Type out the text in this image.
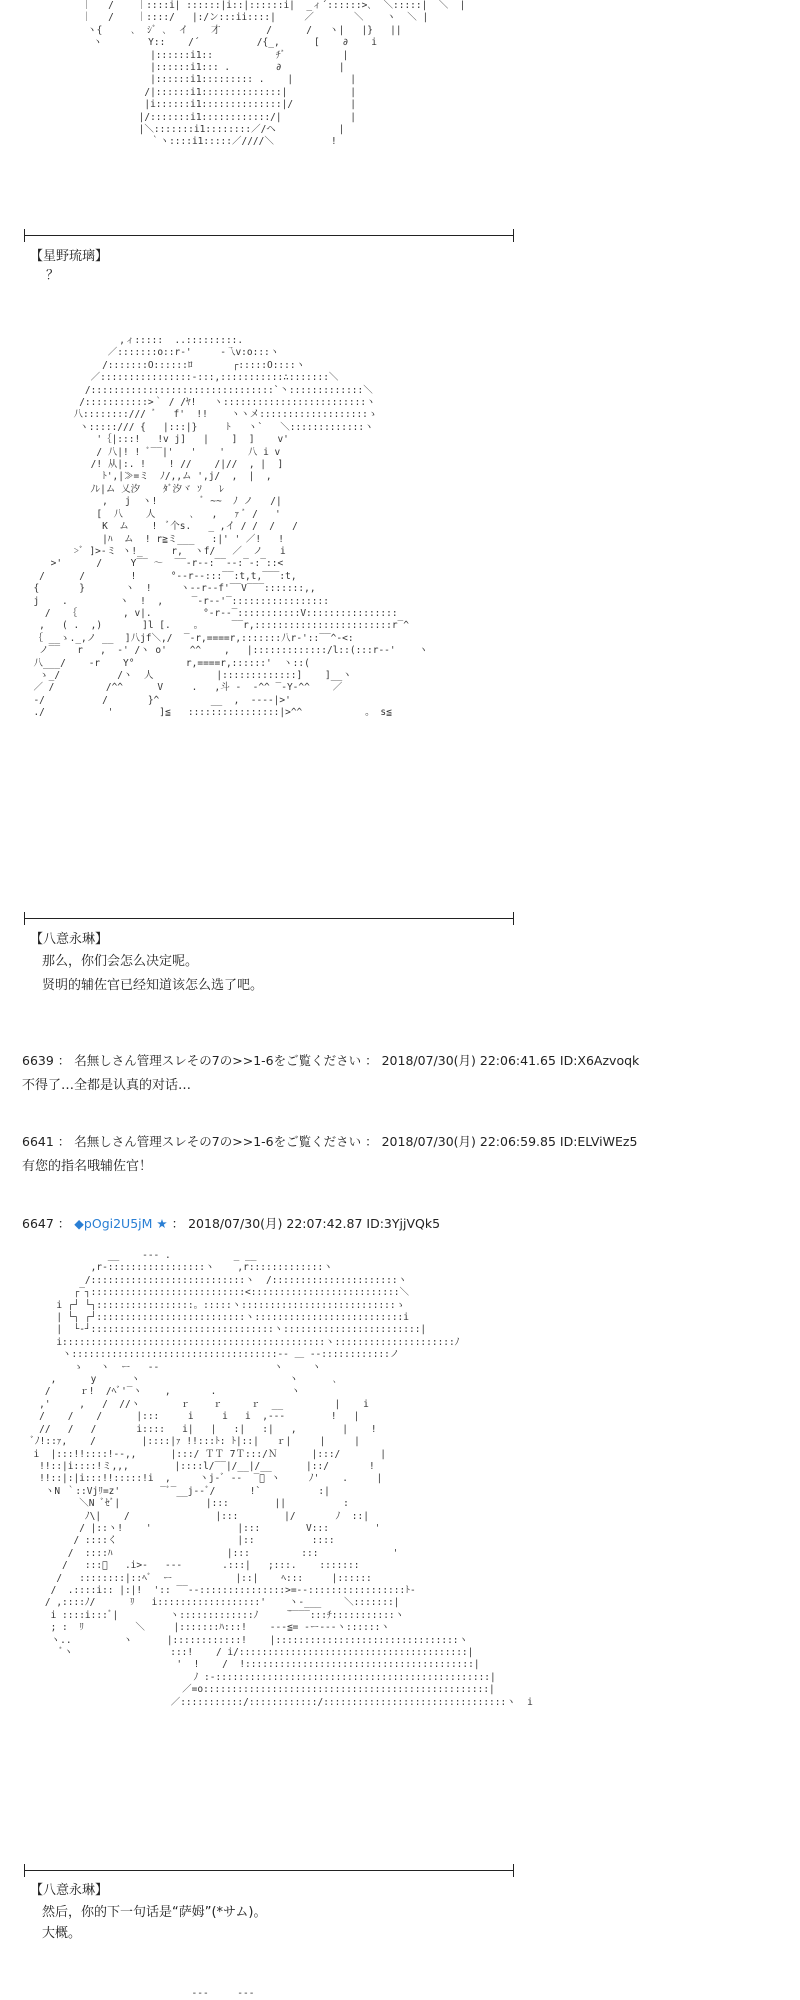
｜   /    ｜::::i| ::::::|i::|::::::i|  _ィ´::::::>､  ＼:::::|  ＼  |
｜   /    ｜::::/   |:/ン:::ii::::|     ／       ＼    ヽ  ＼ |
ヽ{     ､  ｼﾞ ､  イ    才        /      /   ヽ|   |}   ||
ヽ        Y::    /´          /{_,      [    ∂    i
|::::::i1::           ﾁﾞ          |
|::::::i1::: .        ∂          |
|::::::i1::::::::: .    |          |
/|::::::i1::::::::::::::|           |
|i::::::i1::::::::::::::|/          |
|/:::::::i1::::::::::::/|            |
|＼:::::::i1::::::::／/ヘ           |
｀ヽ::::i1:::::／////＼          !
【星野琉璃】
？
,ィ:::::  ..:::::::::.
／:::::::o::r‐'     ‐乁v:o:::ヽ
/:::::::O::::::ﾛ       ┌:::::O::::ヽ
／::::::::::::::::-:::,:::::::::::∴:::::::＼
/::::::::::::::::::::::::::::::::`丶:::::::::::::＼
/:::::::::::>｀ / /ﾔ!   ヽ:::::::::::::::::::::::::ヽ
八::::::::/// ﾞ   f'  !!    ヽヽメ:::::::::::::::::::ゝ
ヽ:::::/// {   |:::|}     ﾄ   ヽ`   ＼:::::::::::::ヽ
'｛|:::!   !v j]   |    ]  ]    v'
/ 八|! ! ﾞ‾‾|'   '    '    八 i v
/! 从|:. !    ! //    /|//  , |  ]
ﾄ',|≫=ミ  ﾉ/,,ム ',j/  ,  |  ,
ﾉﾚ|ム 乂汐    ﾀﾞ汐ヾ ｿ   ﾚ
,   j  ヽ!        ﾞ ~~  ﾉ ノ   /|
[  八    人      ､   ,   ｧ ﾞ /   '
K  ム    !  ﾞ个s.   _ ,イ / /  /   /
|ﾊ  ム  ! r≧ミ___   :|' ' ／!   !
>ﾞ ]>-ミ ヽ!_     r,  ヽf/   ／  ノ   i
>'      /     Y‾‾ ～  ‾‾‐r‐‐:‾‾‐‐:‾‐:‾::<
/      /        !      °‐‐r‐‐:::‾‾:t,t,‾‾‾:t,
{       }       ヽ  !     ヽ‐‐r‐‐f'‾‾V‾‾‾:::::::,,
j    .         ヽ  !  ,     ‾‐r‐‐'‾:::::::::::::::::
/   ｛        , v|.         °‐r‐‐‾:::::::::::V::::::::::::::::
,   ( .  ,)       ]l [.    。     ‾‾r,::::::::::::::::::::::::r‾^
｛ __ゝ._,ノ __  ]八jf＼,/  ‾‐r,====r,:::::::八r‐'::‾‾^‐<:
ノ‾‾   r   ,  ‐' /ヽ o'    ^^    ,   |:::::::::::::/l::(:::r‐‐'    ヽ
八___/    ‐r    Y°         r,====r,::::::'  ヽ::(
ゝ_/          /ヽ  人           |:::::::::::::]    ]__ヽ
／ /         /^^      V     .   ,斗 ‐  ‐^^ ‾‐Y‐^^    ／
‐/          /       }^         __  ,  ‐‐-‐|>'
./           '        ]≦   ::::::::::::::::|>^^           。 s≦
【八意永琳】
那么，你们会怎么决定呢。
贤明的辅佐官已经知道该怎么选了吧。
6639 ： 名無しさん管理スレその7の>>1-6をご覧ください ： 2018/07/30(月) 22:06:41.65 ID:X6Azvoqk
不得了…全都是认真的对话…
6641 ： 名無しさん管理スレその7の>>1-6をご覧ください ： 2018/07/30(月) 22:06:59.85 ID:ELViWEz5
有您的指名哦辅佐官！
6647 ： ◆pOgi2U5jM ★ ： 2018/07/30(月) 22:07:42.87 ID:3YjjVQk5
__    ‐‐‐ .           _ __
,r‐:::::::::::::::::ヽ    ,r:::::::::::::ヽ
/:::::::::::::::::::::::::::ヽ  /::::::::::::::::::::::ヽ
┌‾┐:::::::::::::::::::::::::::<::::::::::::::::::::::::::＼
i ┌┘ └┐:::::::::::::::::。:::::ヽ:::::::::::::::::::::::::::ゝ
| └┐ ┌┘::::::::::::::::::::::::::ヽ::::::::::::::::::::::::::i
|  └‐┘::::::::::::::::::::::::::::::::ヽ::::::::::::::::::::::::|
i::::::::::::::::::::::::::::::::::::::::::::::ヽ:::::::::::::::::::::ﾉ
ヽ::::::::::::::::::::::::::::::::::::‐‐ ＿ ‐‐::::::::::::ノ
ゝ   ヽ  ー   ‐‐                    ヽ     ヽ
,      y      ヽ                          ヽ      ､
/     ｒ!  /ﾍﾞ'‾ヽ    ,       .             ヽ
,'     ,   /  //ヽ       ｒ    ｒ     ｒ  __         |    i
/    /    /      |:::     i     i   i  ,-‐‐        !   |
//   /   /       i::::   i|   |   :|   :|   ,        |    !
ﾞﾉ!::ｧ,    /        |::::|ｧ !!:::ﾄ: ﾄ|::|   ｒ|     |     |
i  |:::!!::::!-‐,,      |:::/ ＴＴ 7Ｔ:::/Ｎ      |:::/       |
!!::|i::::!ミ,,,        |::::l/‾‾|/__|/__      |::/       !
!!::|:|i:::!!:::::!i  ,     ヽj‐ﾞ ‐‐  ‾ﾞ ヽ     ﾉ'    .     |
ヽN ｀::Vjﾘ=z'       ‾ﾞ‾__j‐‐ﾞ/      !`          :|
＼N ﾞｾﾞ|               |:::        ||          :
ﾉ\|    /               |:::        |/       ﾉ  ::|
/ |::ヽ!    '               |:::        V:::        '
/ ::::く                     |::          ::::
/  ::::ﾊ                    |:::         :::             '
/   :::ﾞ   .i>-   ‐‐‐       .:::|   ;:::.    :::::::
/   ::::::::|::ﾍﾞ  ー           |::|    ﾍ:::     |::::::
/  .::::i:: |:|!  ':: ‾‾‐‐:::::::::::::::>=‐-:::::::::::::::::ﾄ‐
/ ,::::ﾉ/      ﾘ   i::::::::::::::::::'    ヽ‐___    ＼:::::::|
i ::::i:::ﾞ|         ヽ:::::::::::::ﾉ     ̄‾‾‾‾:::ﾁ:::::::::::ヽ
; :  ﾘ         ＼     |:::::::ﾊ:::!    ‐‐‐≦= ‐ー‐‐‐ヽ::::::ヽ
ヽ..         ヽ      |::::::::::::!    |::::::::::::::::::::::::::::::::ヽ
ﾞヽ                 :::!    / i/::::::::::::::::::::::::::::::::::::::::|
'  !    /  !::::::::::::::::::::::::::::::::::::::::|
ﾉ :‐::::::::::::::::::::::::::::::::::::::::::::::::|
／=o::::::::::::::::::::::::::::::::::::::::::::::::::|
／:::::::::::/::::::::::::/::::::::::::::::::::::::::::::::ヽ  i
【八意永琳】
然后，你的下一句话是“萨姆”(*サム)。
大概。
‐‐‐     ‐‐‐
